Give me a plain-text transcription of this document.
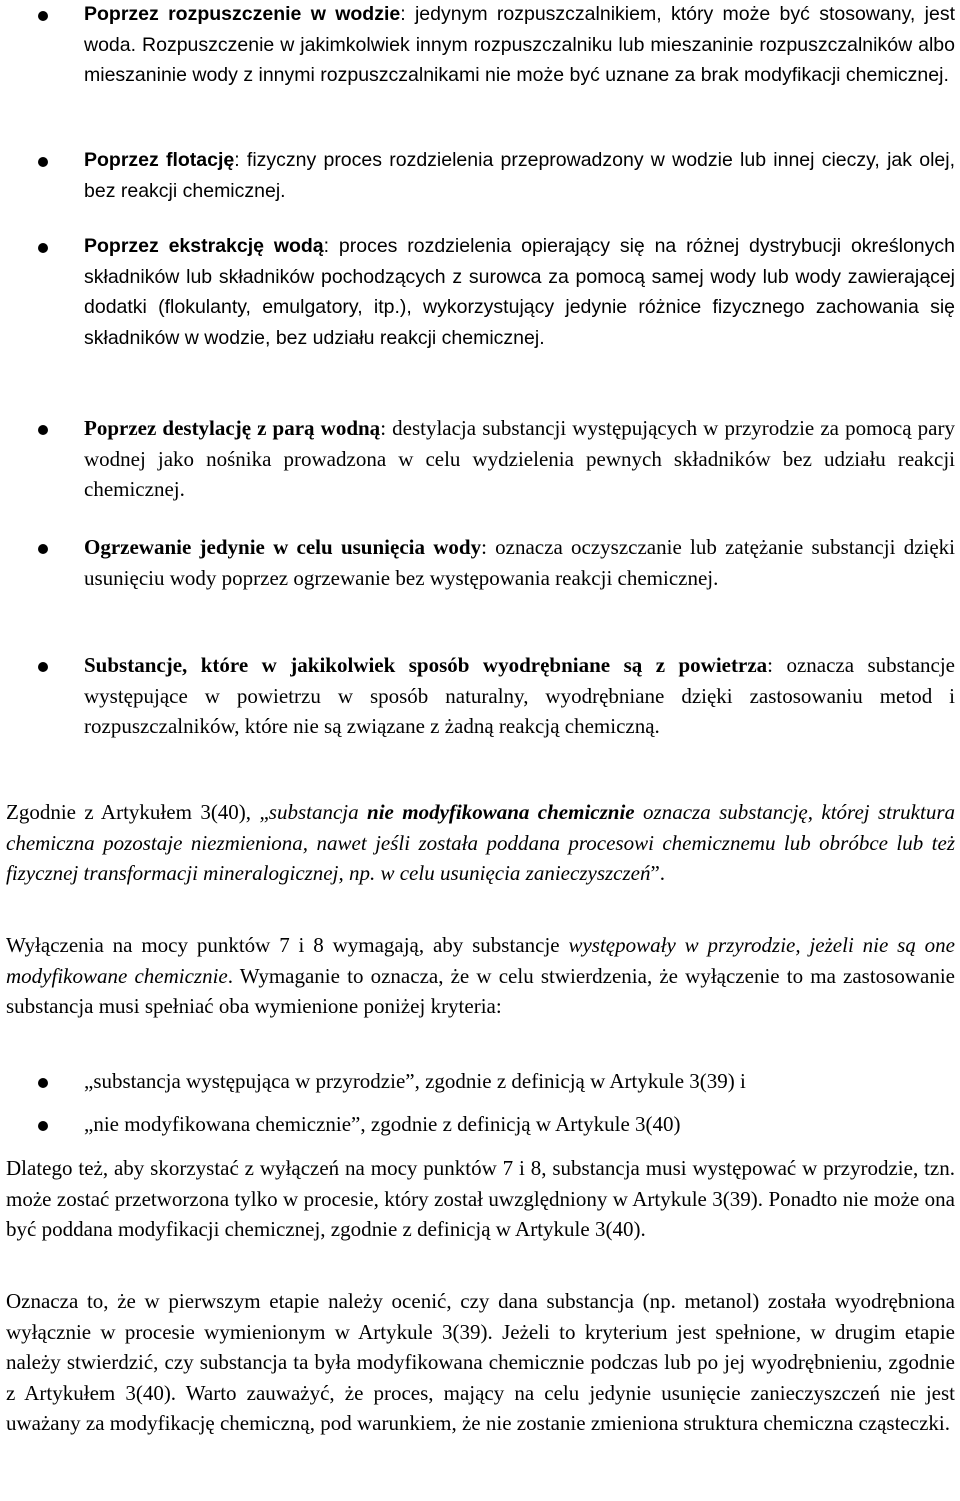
Poprzez rozpuszczenie w wodzie: jedynym rozpuszczalnikiem, który może być stosowany, jest woda. Rozpuszczenie w jakimkolwiek innym rozpuszczalniku lub mieszaninie rozpuszczalników albo mieszaninie wody z innymi rozpuszczalnikami nie może być uznane za brak modyfikacji chemicznej.
Poprzez flotację: fizyczny proces rozdzielenia przeprowadzony w wodzie lub innej cieczy, jak olej, bez reakcji chemicznej.
Poprzez ekstrakcję wodą: proces rozdzielenia opierający się na różnej dystrybucji określonych składników lub składników pochodzących z surowca za pomocą samej wody lub wody zawierającej dodatki (flokulanty, emulgatory, itp.), wykorzystujący jedynie różnice fizycznego zachowania się składników w wodzie, bez udziału reakcji chemicznej.
Poprzez destylację z parą wodną: destylacja substancji występujących w przyrodzie za pomocą pary wodnej jako nośnika prowadzona w celu wydzielenia pewnych składników bez udziału reakcji chemicznej.
Ogrzewanie jedynie w celu usunięcia wody: oznacza oczyszczanie lub zatężanie substancji dzięki usunięciu wody poprzez ogrzewanie bez występowania reakcji chemicznej.
Substancje, które w jakikolwiek sposób wyodrębniane są z powietrza: oznacza substancje występujące w powietrzu w sposób naturalny, wyodrębniane dzięki zastosowaniu metod i rozpuszczalników, które nie są związane z żadną reakcją chemiczną.
Zgodnie z Artykułem 3(40), „substancja nie modyfikowana chemicznie oznacza substancję, której struktura chemiczna pozostaje niezmieniona, nawet jeśli została poddana procesowi chemicznemu lub obróbce lub też fizycznej transformacji mineralogicznej, np. w celu usunięcia zanieczyszczeń”.
Wyłączenia na mocy punktów 7 i 8 wymagają, aby substancje występowały w przyrodzie, jeżeli nie są one modyfikowane chemicznie. Wymaganie to oznacza, że w celu stwierdzenia, że wyłączenie to ma zastosowanie substancja musi spełniać oba wymienione poniżej kryteria:
„substancja występująca w przyrodzie”, zgodnie z definicją w Artykule 3(39) i
„nie modyfikowana chemicznie”, zgodnie z definicją w Artykule 3(40)
Dlatego też, aby skorzystać z wyłączeń na mocy punktów 7 i 8, substancja musi występować w przyrodzie, tzn. może zostać przetworzona tylko w procesie, który został uwzględniony w Artykule 3(39). Ponadto nie może ona być poddana modyfikacji chemicznej, zgodnie z definicją w Artykule 3(40).
Oznacza to, że w pierwszym etapie należy ocenić, czy dana substancja (np. metanol) została wyodrębniona wyłącznie w procesie wymienionym w Artykule 3(39). Jeżeli to kryterium jest spełnione, w drugim etapie należy stwierdzić, czy substancja ta była modyfikowana chemicznie podczas lub po jej wyodrębnieniu, zgodnie z Artykułem 3(40). Warto zauważyć, że proces, mający na celu jedynie usunięcie zanieczyszczeń nie jest uważany za modyfikację chemiczną, pod warunkiem, że nie zostanie zmieniona struktura chemiczna cząsteczki.
